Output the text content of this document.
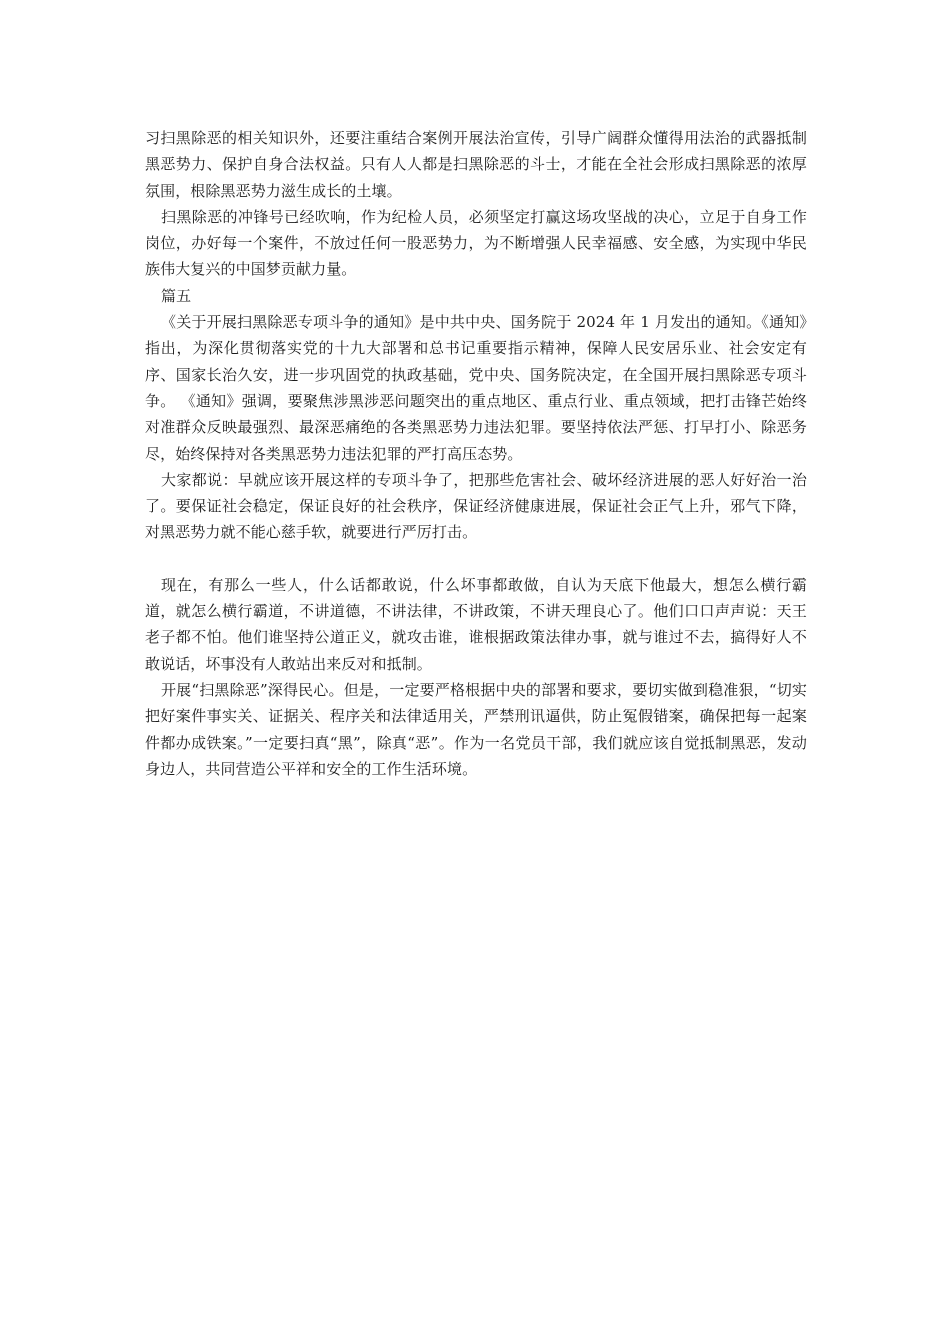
习扫黑除恶的相关知识外，还要注重结合案例开展法治宣传，引导广阔群众懂得用法治的武器抵制黑恶势力、保护自身合法权益。只有人人都是扫黑除恶的斗士，才能在全社会形成扫黑除恶的浓厚氛围，根除黑恶势力滋生成长的土壤。

扫黑除恶的冲锋号已经吹响，作为纪检人员，必须坚定打赢这场攻坚战的决心，立足于自身工作岗位，办好每一个案件，不放过任何一股恶势力，为不断增强人民幸福感、安全感，为实现中华民族伟大复兴的中国梦贡献力量。

篇五

《关于开展扫黑除恶专项斗争的通知》是中共中央、国务院于 2024 年 1 月发出的通知。《通知》指出，为深化贯彻落实党的十九大部署和总书记重要指示精神，保障人民安居乐业、社会安定有序、国家长治久安，进一步巩固党的执政基础，党中央、国务院决定，在全国开展扫黑除恶专项斗争。 《通知》强调，要聚焦涉黑涉恶问题突出的重点地区、重点行业、重点领域，把打击锋芒始终对准群众反映最强烈、最深恶痛绝的各类黑恶势力违法犯罪。要坚持依法严惩、打早打小、除恶务尽，始终保持对各类黑恶势力违法犯罪的严打高压态势。

大家都说：早就应该开展这样的专项斗争了，把那些危害社会、破坏经济进展的恶人好好治一治了。要保证社会稳定，保证良好的社会秩序，保证经济健康进展，保证社会正气上升，邪气下降，对黑恶势力就不能心慈手软，就要进行严厉打击。

现在，有那么一些人，什么话都敢说，什么坏事都敢做，自认为天底下他最大，想怎么横行霸道，就怎么横行霸道，不讲道德，不讲法律，不讲政策，不讲天理良心了。他们口口声声说：天王老子都不怕。他们谁坚持公道正义，就攻击谁，谁根据政策法律办事，就与谁过不去，搞得好人不敢说话，坏事没有人敢站出来反对和抵制。

开展“扫黑除恶”深得民心。但是，一定要严格根据中央的部署和要求，要切实做到稳准狠，“切实把好案件事实关、证据关、程序关和法律适用关，严禁刑讯逼供，防止冤假错案，确保把每一起案件都办成铁案。”一定要扫真“黑”，除真“恶”。作为一名党员干部，我们就应该自觉抵制黑恶，发动身边人，共同营造公平祥和安全的工作生活环境。
